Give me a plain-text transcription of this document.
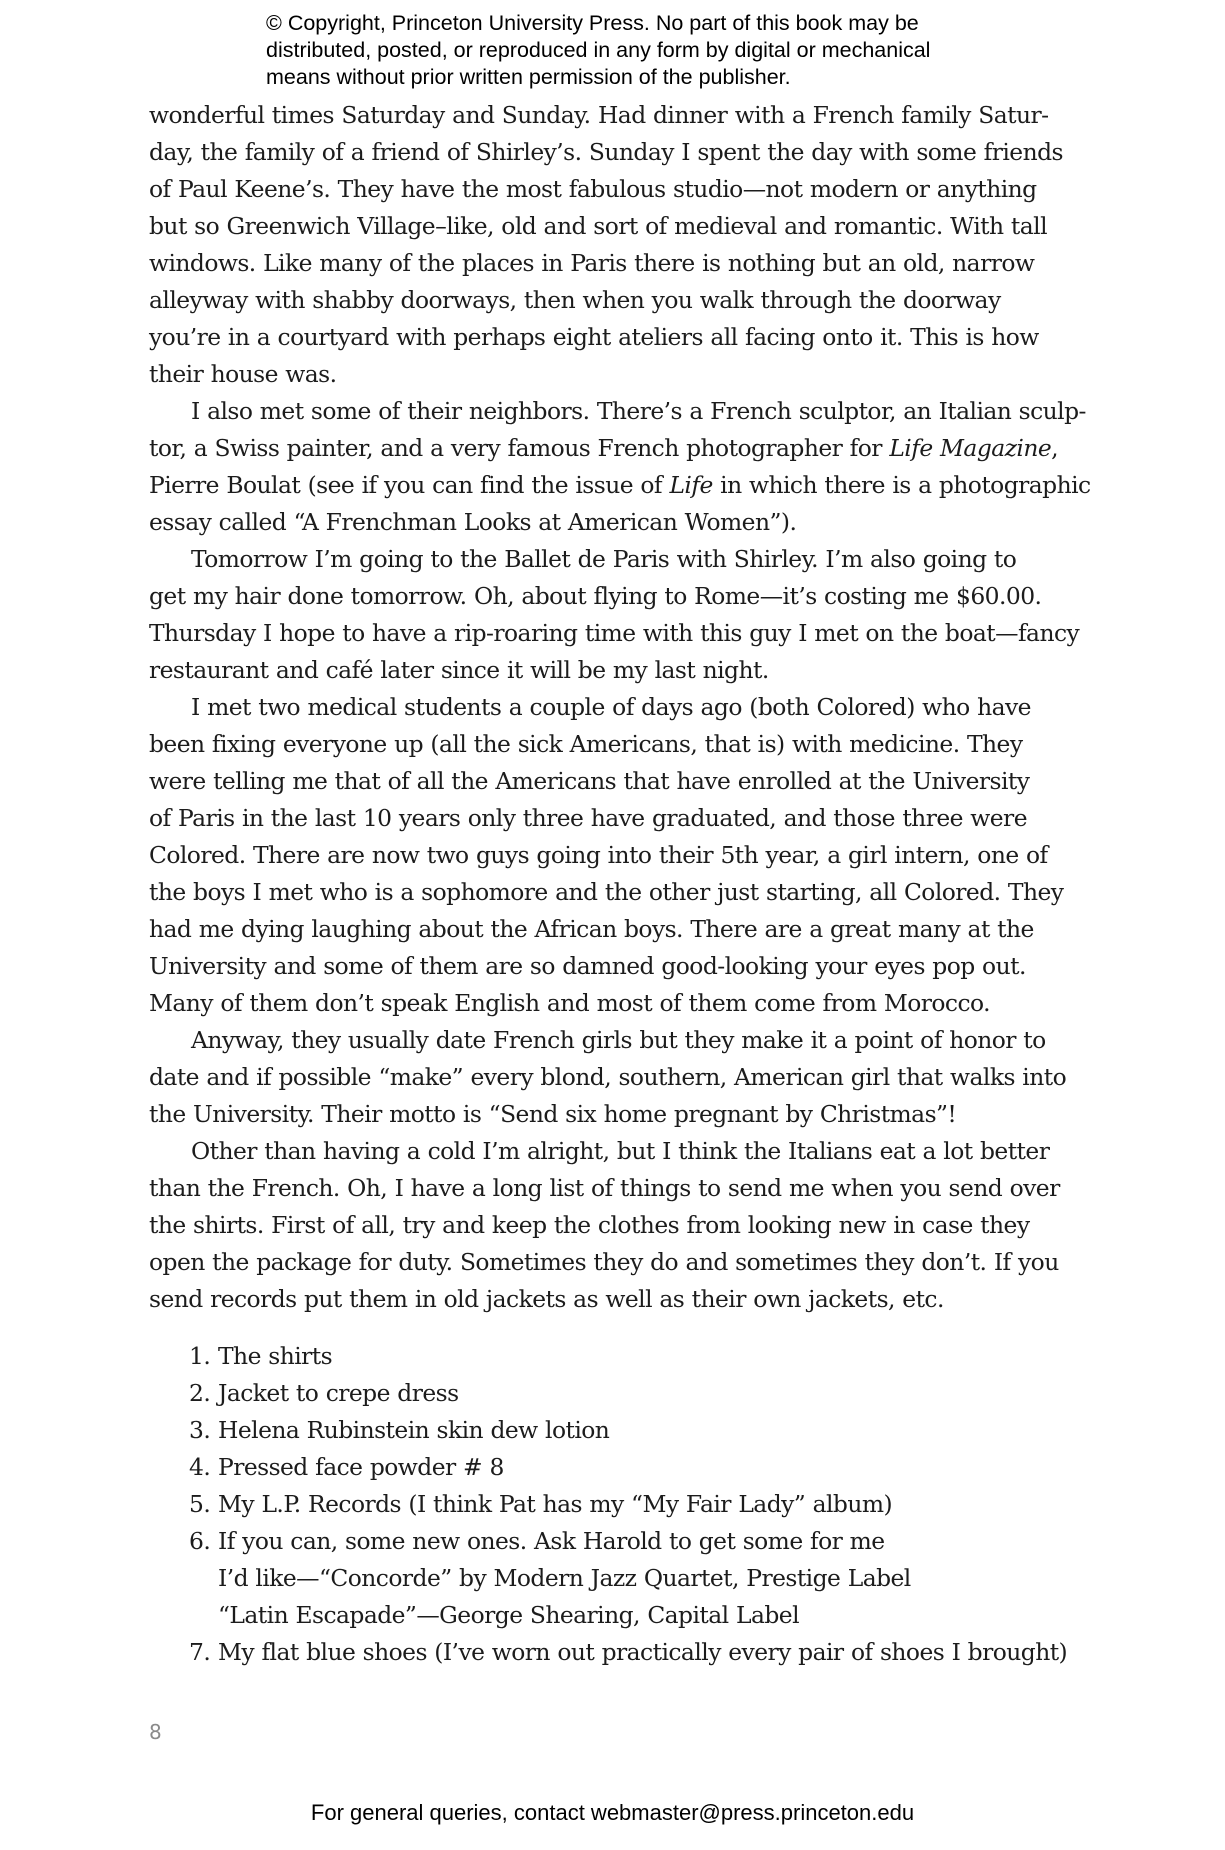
© Copyright, Princeton University Press. No part of this book may be
distributed, posted, or reproduced in any form by digital or mechanical
means without prior written permission of the publisher.
wonderful times Saturday and Sunday. Had dinner with a French family Satur-
day, the family of a friend of Shirley’s. Sunday I spent the day with some friends
of Paul Keene’s. They have the most fabulous studio—not modern or anything
but so Greenwich Village–like, old and sort of medieval and romantic. With tall
windows. Like many of the places in Paris there is nothing but an old, narrow
alleyway with shabby doorways, then when you walk through the doorway
you’re in a courtyard with perhaps eight ateliers all facing onto it. This is how
their house was.
I also met some of their neighbors. There’s a French sculptor, an Italian sculp-
tor, a Swiss painter, and a very famous French photographer for Life Magazine,
Pierre Boulat (see if you can find the issue of Life in which there is a photographic
essay called “A Frenchman Looks at American Women”).
Tomorrow I’m going to the Ballet de Paris with Shirley. I’m also going to
get my hair done tomorrow. Oh, about flying to Rome—it’s costing me $60.00.
Thursday I hope to have a rip-roaring time with this guy I met on the boat—fancy
restaurant and café later since it will be my last night.
I met two medical students a couple of days ago (both Colored) who have
been fixing everyone up (all the sick Americans, that is) with medicine. They
were telling me that of all the Americans that have enrolled at the University
of Paris in the last 10 years only three have graduated, and those three were
Colored. There are now two guys going into their 5th year, a girl intern, one of
the boys I met who is a sophomore and the other just starting, all Colored. They
had me dying laughing about the African boys. There are a great many at the
University and some of them are so damned good-looking your eyes pop out.
Many of them don’t speak English and most of them come from Morocco.
Anyway, they usually date French girls but they make it a point of honor to
date and if possible “make” every blond, southern, American girl that walks into
the University. Their motto is “Send six home pregnant by Christmas”!
Other than having a cold I’m alright, but I think the Italians eat a lot better
than the French. Oh, I have a long list of things to send me when you send over
the shirts. First of all, try and keep the clothes from looking new in case they
open the package for duty. Sometimes they do and sometimes they don’t. If you
send records put them in old jackets as well as their own jackets, etc.
1. The shirts
2. Jacket to crepe dress
3. Helena Rubinstein skin dew lotion
4. Pressed face powder # 8
5. My L.P. Records (I think Pat has my “My Fair Lady” album)
6. If you can, some new ones. Ask Harold to get some for me
I’d like—“Concorde” by Modern Jazz Quartet, Prestige Label
“Latin Escapade”—George Shearing, Capital Label
7. My flat blue shoes (I’ve worn out practically every pair of shoes I brought)
8
For general queries, contact webmaster@press.princeton.edu
